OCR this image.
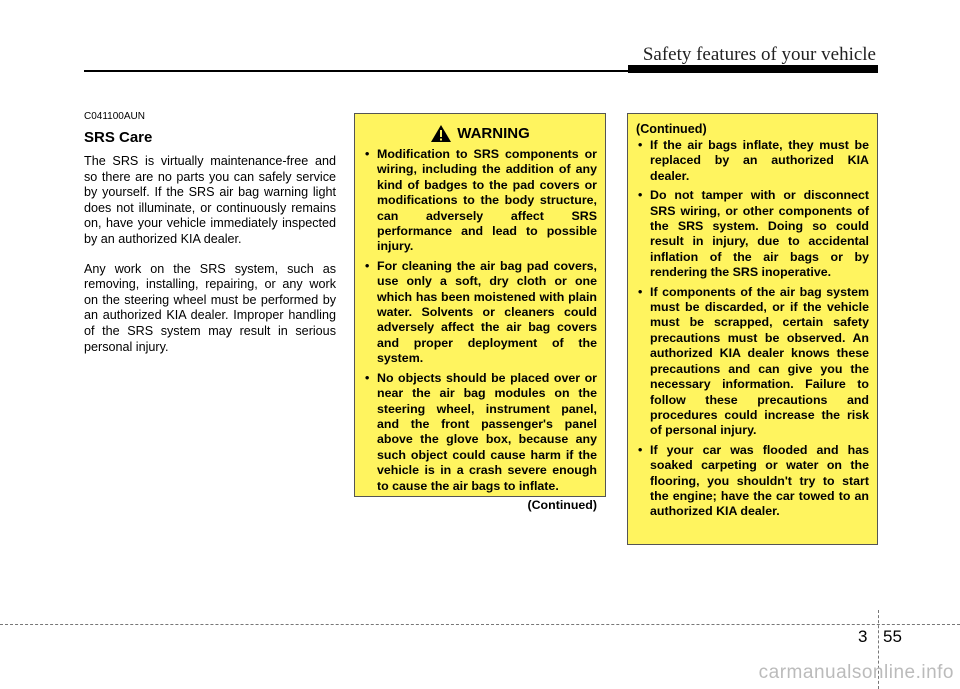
Safety features of your vehicle

C041100AUN

SRS Care

The SRS is virtually maintenance-free and so there are no parts you can safely service by yourself. If the SRS air bag warning light does not illuminate, or continuously remains on, have your vehicle immediately inspected by an authorized KIA dealer.

Any work on the SRS system, such as removing, installing, repairing, or any work on the steering wheel must be performed by an authorized KIA dealer. Improper handling of the SRS system may result in serious personal injury.

WARNING
• Modification to SRS components or wiring, including the addition of any kind of badges to the pad covers or modifications to the body structure, can adversely affect SRS performance and lead to possible injury.
• For cleaning the air bag pad covers, use only a soft, dry cloth or one which has been moistened with plain water. Solvents or cleaners could adversely affect the air bag covers and proper deployment of the system.
• No objects should be placed over or near the air bag modules on the steering wheel, instrument panel, and the front passenger's panel above the glove box, because any such object could cause harm if the vehicle is in a crash severe enough to cause the air bags to inflate.
(Continued)

(Continued)

• If the air bags inflate, they must be replaced by an authorized KIA dealer.
• Do not tamper with or disconnect SRS wiring, or other components of the SRS system. Doing so could result in injury, due to accidental inflation of the air bags or by rendering the SRS inoperative.
• If components of the air bag system must be discarded, or if the vehicle must be scrapped, certain safety precautions must be observed. An authorized KIA dealer knows these precautions and can give you the necessary information. Failure to follow these precautions and procedures could increase the risk of personal injury.
• If your car was flooded and has soaked carpeting or water on the flooring, you shouldn't try to start the engine; have the car towed to an authorized KIA dealer.
3 55
carmanualsonline.info
